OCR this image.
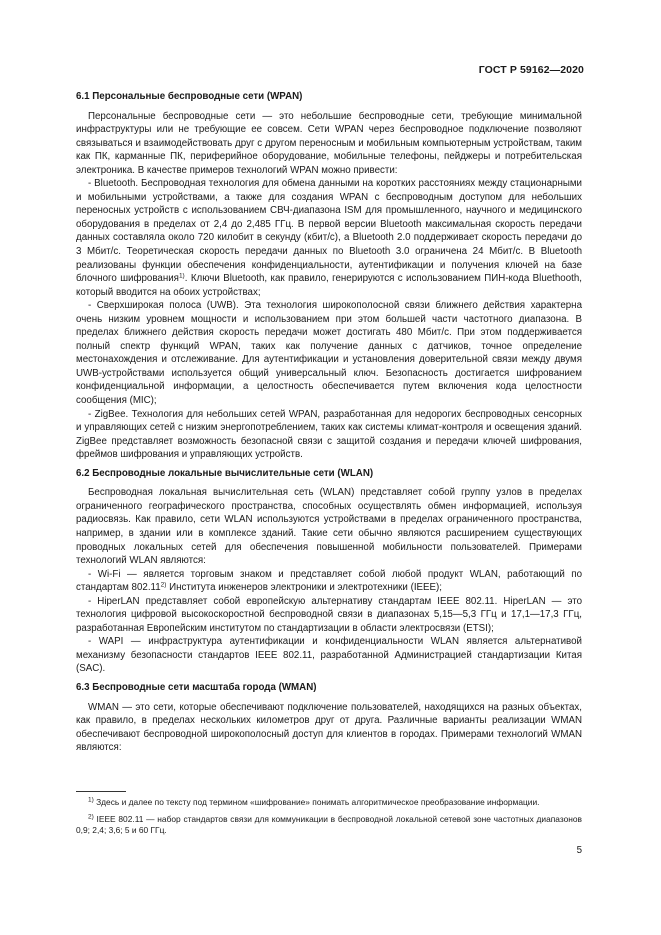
ГОСТ Р 59162—2020
6.1 Персональные беспроводные сети (WPAN)

Персональные беспроводные сети — это небольшие беспроводные сети, требующие минимальной инфраструктуры или не требующие ее совсем. Сети WPAN через беспроводное подключение позволяют связываться и взаимодействовать друг с другом переносным и мобильным компьютерным устройствам, таким как ПК, карманные ПК, периферийное оборудование, мобильные телефоны, пейджеры и потребительская электроника. В качестве примеров технологий WPAN можно привести:

- Bluetooth. Беспроводная технология для обмена данными на коротких расстояниях между стационарными и мобильными устройствами, а также для создания WPAN с беспроводным доступом для небольших переносных устройств с использованием СВЧ-диапазона ISM для промышленного, научного и медицинского оборудования в пределах от 2,4 до 2,485 ГГц. В первой версии Bluetooth максимальная скорость передачи данных составляла около 720 килобит в секунду (кбит/с), а Bluetooth 2.0 поддерживает скорость передачи до 3 Мбит/с. Теоретическая скорость передачи данных по Bluetooth 3.0 ограничена 24 Мбит/с. В Bluetooth реализованы функции обеспечения конфиденциальности, аутентификации и получения ключей на базе блочного шифрования$^{1)}$. Ключи Bluetooth, как правило, генерируются с использованием ПИН-кода Bluethooth, который вводится на обоих устройствах;

- Сверхширокая полоса (UWB). Эта технология широкополосной связи ближнего действия характерна очень низким уровнем мощности и использованием при этом большей части частотного диапазона. В пределах ближнего действия скорость передачи может достигать 480 Мбит/с. При этом поддерживается полный спектр функций WPAN, таких как получение данных с датчиков, точное определение местонахождения и отслеживание. Для аутентификации и установления доверительной связи между двумя UWB-устройствами используется общий универсальный ключ. Безопасность достигается шифрованием конфиденциальной информации, а целостность обеспечивается путем включения кода целостности сообщения (MIC);

- ZigBee. Технология для небольших сетей WPAN, разработанная для недорогих беспроводных сенсорных и управляющих сетей с низким энергопотреблением, таких как системы климат-контроля и освещения зданий. ZigBee представляет возможность безопасной связи с защитой создания и передачи ключей шифрования, фреймов шифрования и управляющих устройств.

6.2 Беспроводные локальные вычислительные сети (WLAN)

Беспроводная локальная вычислительная сеть (WLAN) представляет собой группу узлов в пределах ограниченного географического пространства, способных осуществлять обмен информацией, используя радиосвязь. Как правило, сети WLAN используются устройствами в пределах ограниченного пространства, например, в здании или в комплексе зданий. Такие сети обычно являются расширением существующих проводных локальных сетей для обеспечения повышенной мобильности пользователей. Примерами технологий WLAN являются:

- Wi-Fi — является торговым знаком и представляет собой любой продукт WLAN, работающий по стандартам 802.11$^{2)}$ Института инженеров электроники и электротехники (IEEE);

- HiperLAN представляет собой европейскую альтернативу стандартам IEEE 802.11. HiperLAN — это технология цифровой высокоскоростной беспроводной связи в диапазонах 5,15—5,3 ГГц и 17,1—17,3 ГГц, разработанная Европейским институтом по стандартизации в области электросвязи (ETSI);

- WAPI — инфраструктура аутентификации и конфиденциальности WLAN является альтернативой механизму безопасности стандартов IEEE 802.11, разработанной Администрацией стандартизации Китая (SAC).

6.3 Беспроводные сети масштаба города (WMAN)

WMAN — это сети, которые обеспечивают подключение пользователей, находящихся на разных объектах, как правило, в пределах нескольких километров друг от друга. Различные варианты реализации WMAN обеспечивают беспроводной широкополосный доступ для клиентов в городах. Примерами технологий WMAN являются:

$^{1)}$ Здесь и далее по тексту под термином «шифрование» понимать алгоритмическое преобразование информации.

$^{2)}$ IEEE 802.11 — набор стандартов связи для коммуникации в беспроводной локальной сетевой зоне частотных диапазонов 0,9; 2,4; 3,6; 5 и 60 ГГц.

5
